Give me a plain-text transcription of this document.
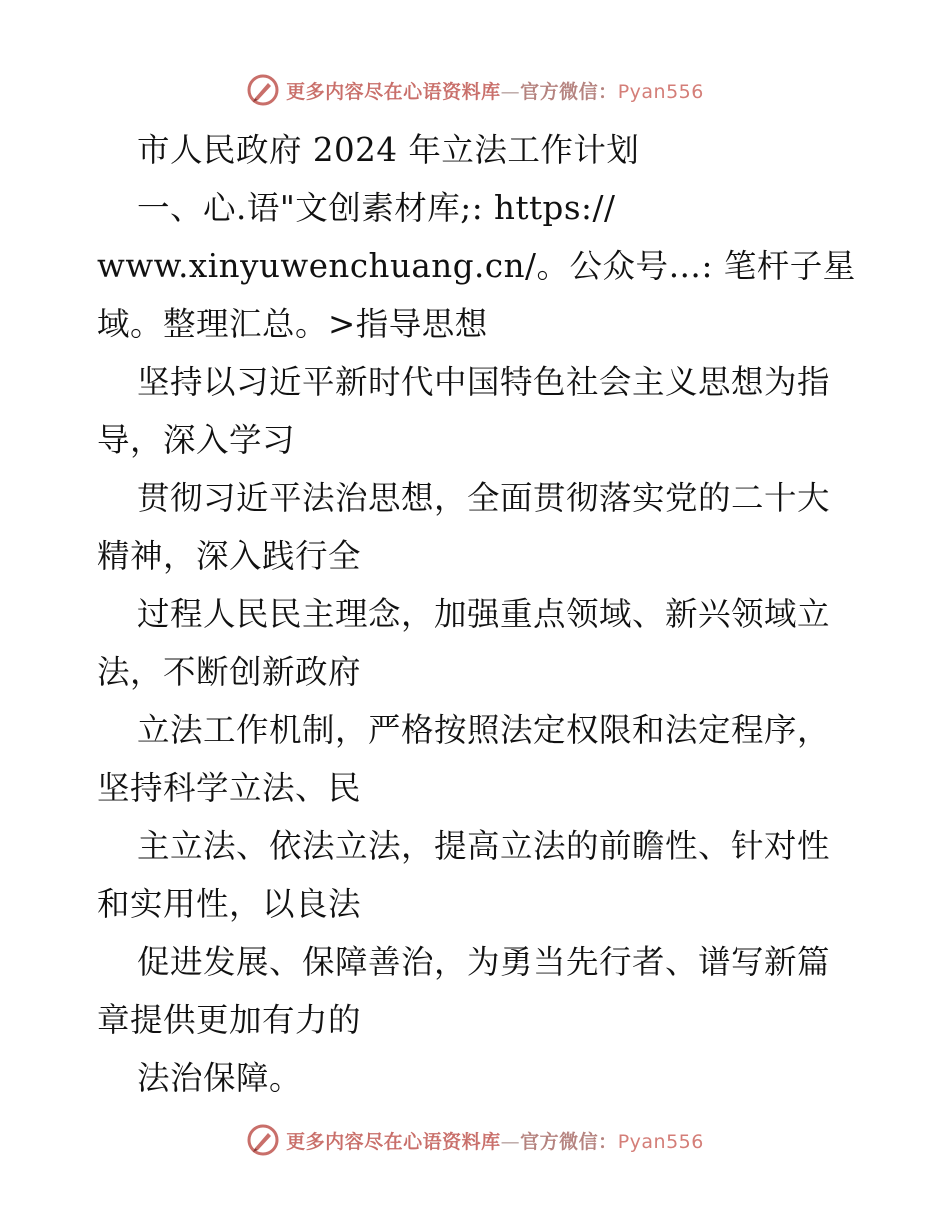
更多内容尽在心语资料库—官方微信：Pyan556
市人民政府 2024 年立法工作计划
一、心.语"文创素材库;: https://
www.xinyuwenchuang.cn/。公众号…: 笔杆子星
域。整理汇总。>指导思想
坚持以习近平新时代中国特色社会主义思想为指
导，深入学习
贯彻习近平法治思想，全面贯彻落实党的二十大
精神，深入践行全
过程人民民主理念，加强重点领域、新兴领域立
法，不断创新政府
立法工作机制，严格按照法定权限和法定程序，
坚持科学立法、民
主立法、依法立法，提高立法的前瞻性、针对性
和实用性，以良法
促进发展、保障善治，为勇当先行者、谱写新篇
章提供更加有力的
法治保障。
更多内容尽在心语资料库—官方微信：Pyan556
